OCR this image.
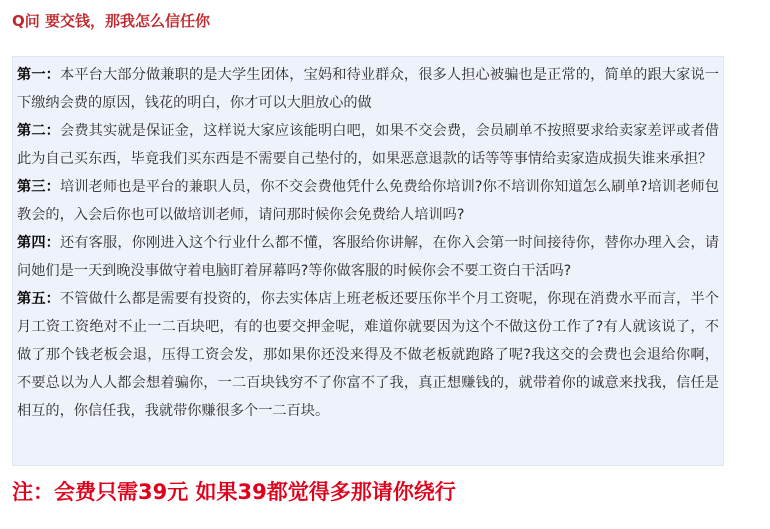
Q问 要交钱，那我怎么信任你

第一：本平台大部分做兼职的是大学生团体，宝妈和待业群众，很多人担心被骗也是正常的，简单的跟大家说一下缴纳会费的原因，钱花的明白，你才可以大胆放心的做

第二：会费其实就是保证金，这样说大家应该能明白吧，如果不交会费，会员刷单不按照要求给卖家差评或者借此为自己买东西，毕竟我们买东西是不需要自己垫付的，如果恶意退款的话等等事情给卖家造成损失谁来承担？

第三：培训老师也是平台的兼职人员，你不交会费他凭什么免费给你培训?你不培训你知道怎么刷单?培训老师包教会的，入会后你也可以做培训老师，请问那时候你会免费给人培训吗?

第四：还有客服，你刚进入这个行业什么都不懂，客服给你讲解，在你入会第一时间接待你，替你办理入会，请问她们是一天到晚没事做守着电脑盯着屏幕吗?等你做客服的时候你会不要工资白干活吗?

第五：不管做什么都是需要有投资的，你去实体店上班老板还要压你半个月工资呢，你现在消费水平而言，半个月工资工资绝对不止一二百块吧，有的也要交押金呢，难道你就要因为这个不做这份工作了?有人就该说了，不做了那个钱老板会退，压得工资会发，那如果你还没来得及不做老板就跑路了呢?我这交的会费也会退给你啊，不要总以为人人都会想着骗你，一二百块钱穷不了你富不了我，真正想赚钱的，就带着你的诚意来找我，信任是相互的，你信任我，我就带你赚很多个一二百块。

注：会费只需39元 如果39都觉得多那请你绕行
